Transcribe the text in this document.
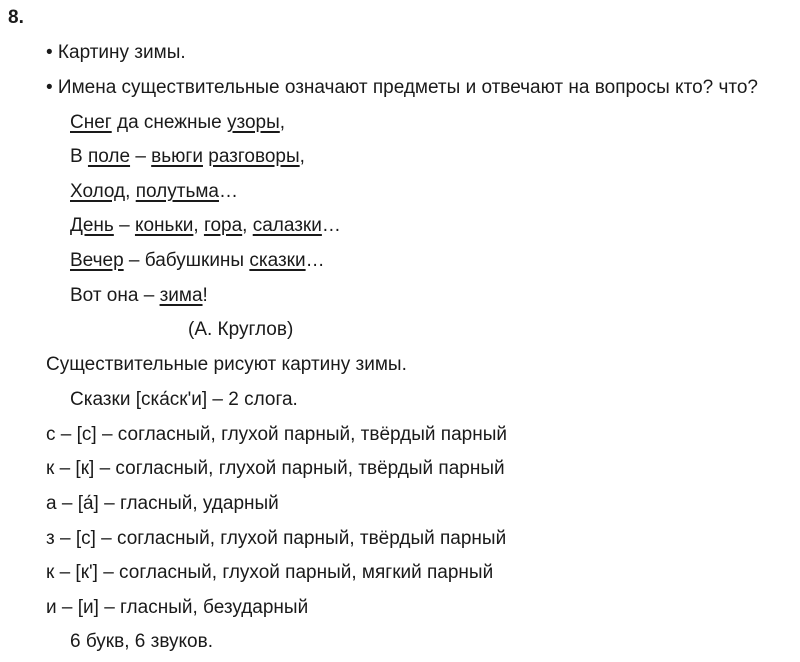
8.
• Картину зимы.
• Имена существительные означают предметы и отвечают на вопросы кто? что?
Снег да снежные узоры,
В поле – вьюги разговоры,
Холод, полутьма…
День – коньки, гора, салазки…
Вечер – бабушкины сказки…
Вот она – зима!
(А. Круглов)
Существительные рисуют картину зимы.
Сказки [ска́ск'и] – 2 слога.
с – [с] – согласный, глухой парный, твёрдый парный
к – [к] – согласный, глухой парный, твёрдый парный
а – [а́] – гласный, ударный
з – [с] – согласный, глухой парный, твёрдый парный
к – [к'] – согласный, глухой парный, мягкий парный
и – [и] – гласный, безударный
6 букв, 6 звуков.
